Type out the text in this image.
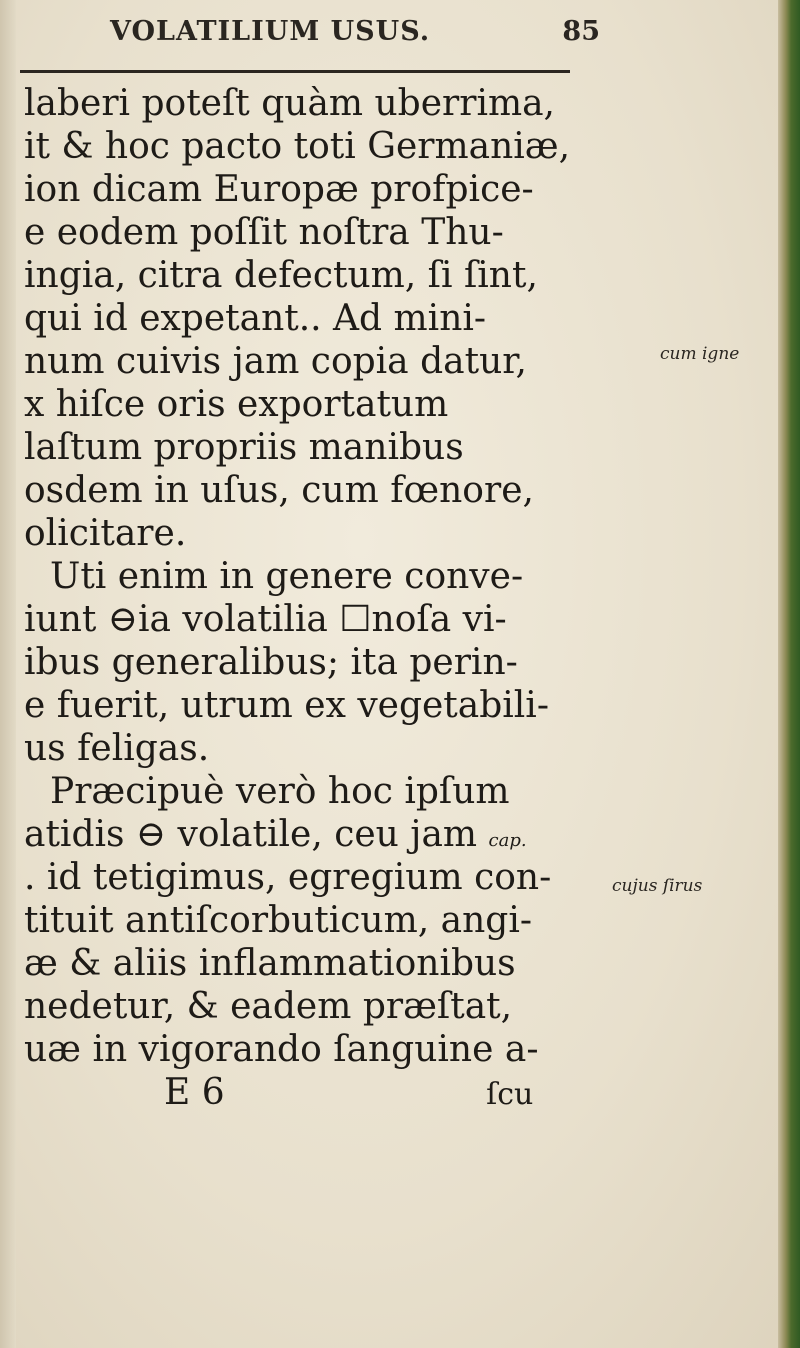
VOLATILIUM USUS.	85
laberi poteſt quàm uberrima,
it & hoc pacto toti Germaniæ,
ion dicam Europæ profpice-
e eodem poſſit noſtra Thu-
ingia, citra defectum, ſi ſint,
qui id expetant.. Ad mini-
num cuivis jam copia datur,
x hiſce oris exportatum
laſtum propriis manibus
osdem in uſus, cum fœnore,
olicitare.
Uti enim in genere conve-
iunt ⊖ia volatilia ☐noſa vi-
ibus generalibus; ita perin-
e fuerit, utrum ex vegetabili-
us feligas.
Præcipuè verò hoc ipſum
atidis ⊖ volatile, ceu jam cap.
. id tetigimus, egregium con-
tituit antiſcorbuticum, angi-
æ & aliis inflammationibus
nedetur, & eadem præſtat,
uæ in vigorando ſanguine a-
E 6	ſcu
cum igne
cujus ſirus
